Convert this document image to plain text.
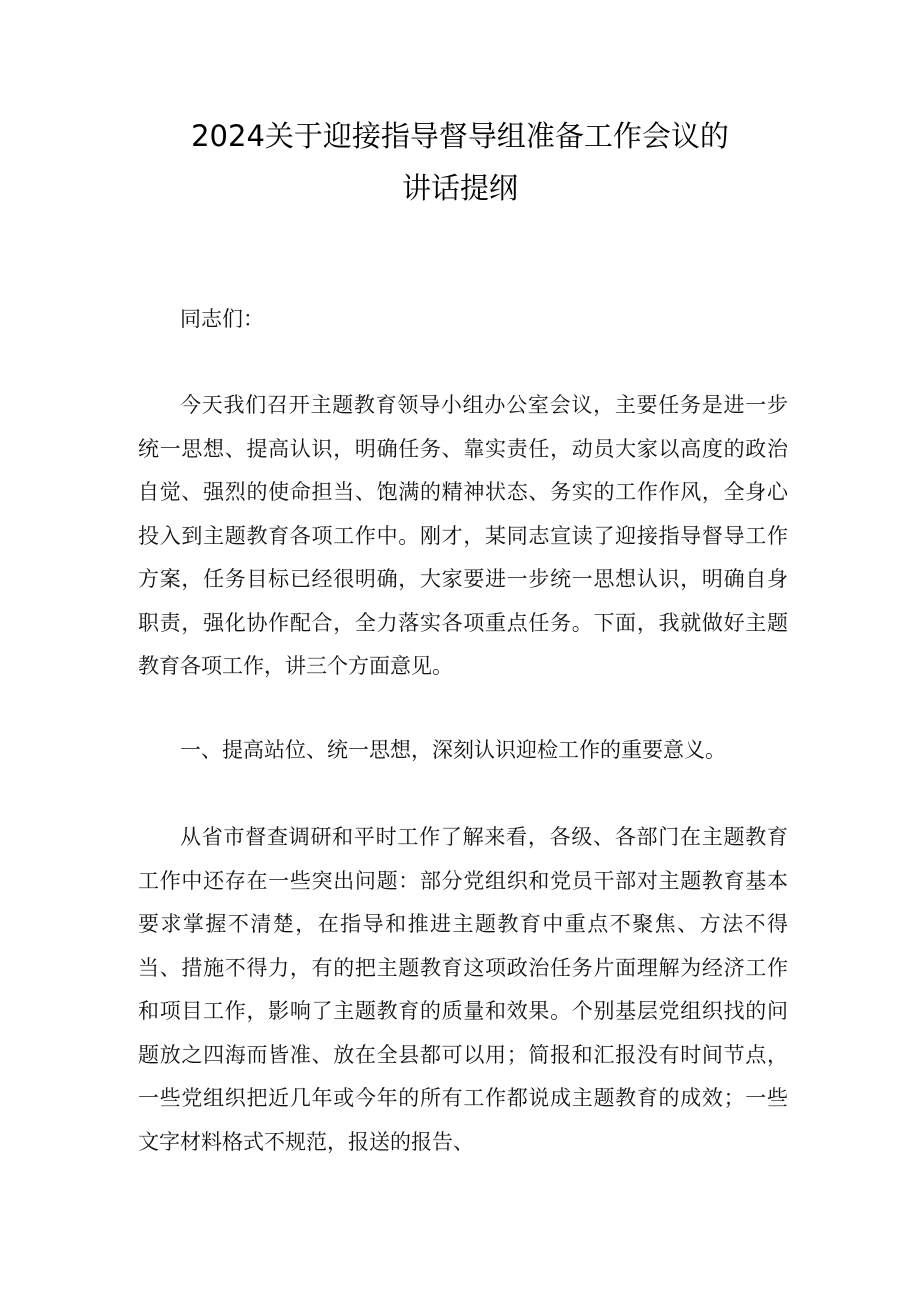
2024关于迎接指导督导组准备工作会议的
讲话提纲

同志们：

今天我们召开主题教育领导小组办公室会议，主要任务是进一步统一思想、提高认识，明确任务、靠实责任，动员大家以高度的政治自觉、强烈的使命担当、饱满的精神状态、务实的工作作风，全身心投入到主题教育各项工作中。刚才，某同志宣读了迎接指导督导工作方案，任务目标已经很明确，大家要进一步统一思想认识，明确自身职责，强化协作配合，全力落实各项重点任务。下面，我就做好主题教育各项工作，讲三个方面意见。

一、提高站位、统一思想，深刻认识迎检工作的重要意义。

从省市督查调研和平时工作了解来看，各级、各部门在主题教育工作中还存在一些突出问题：部分党组织和党员干部对主题教育基本要求掌握不清楚，在指导和推进主题教育中重点不聚焦、方法不得当、措施不得力，有的把主题教育这项政治任务片面理解为经济工作和项目工作，影响了主题教育的质量和效果。个别基层党组织找的问题放之四海而皆准、放在全县都可以用；简报和汇报没有时间节点，一些党组织把近几年或今年的所有工作都说成主题教育的成效；一些文字材料格式不规范，报送的报告、
